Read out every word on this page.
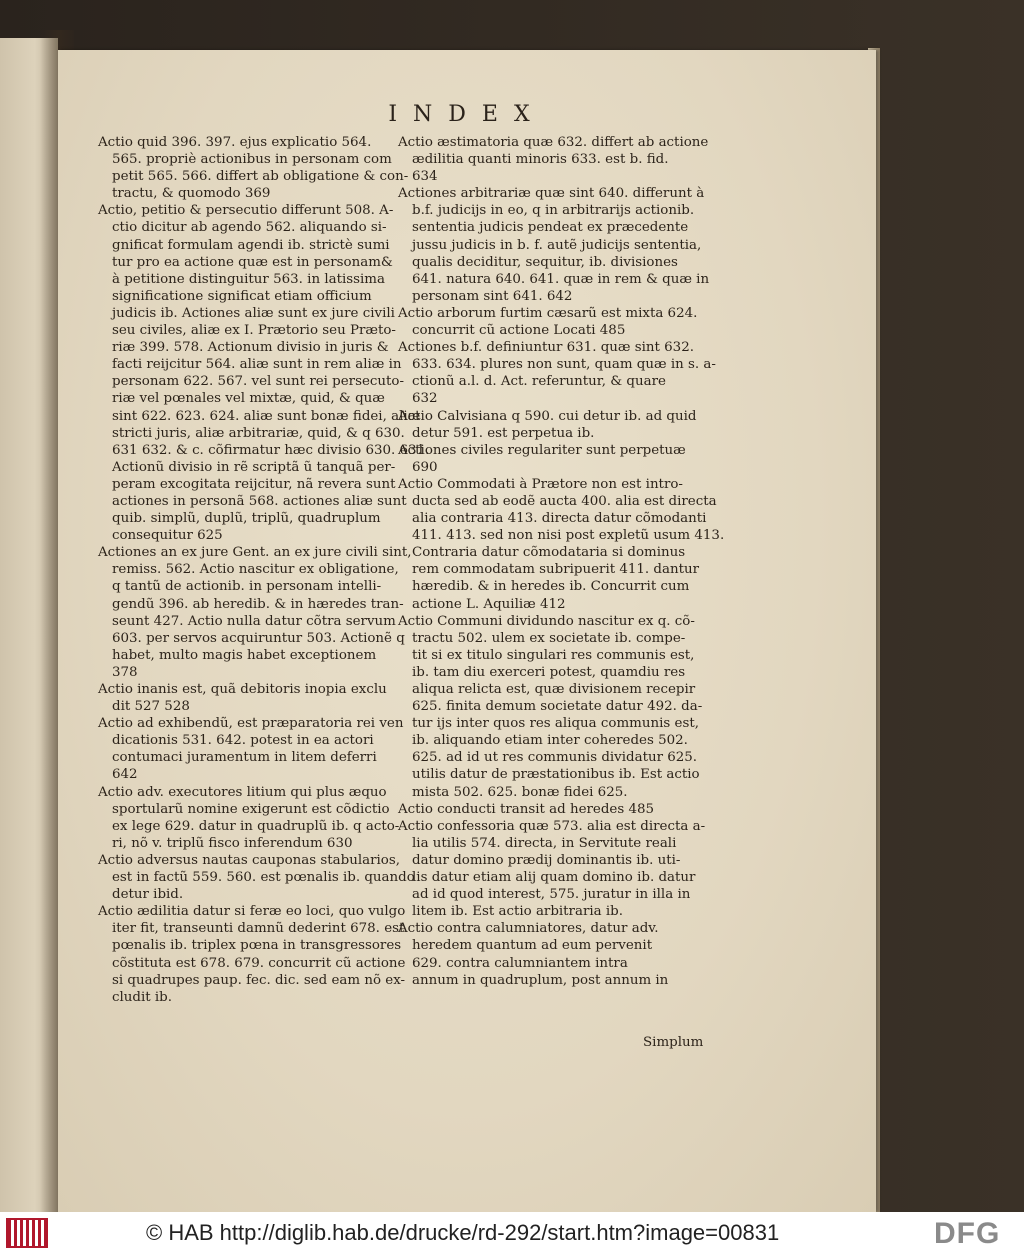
INDEX
Actio quid 396. 397. ejus explicatio 564.
565. propriè actionibus in personam com
petit 565. 566. differt ab obligatione & con-
tractu, & quomodo 369
Actio, petitio & persecutio differunt 508. A-
ctio dicitur ab agendo 562. aliquando si-
gnificat formulam agendi ib. strictè sumi
tur pro ea actione quæ est in personam&
à petitione distinguitur 563. in latissima
significatione significat etiam officium
judicis ib. Actiones aliæ sunt ex jure civili
seu civiles, aliæ ex I. Prætorio seu Præto-
riæ 399. 578. Actionum divisio in juris &
facti reijcitur 564. aliæ sunt in rem aliæ in
personam 622. 567. vel sunt rei persecuto-
riæ vel pœnales vel mixtæ, quid, & quæ
sint 622. 623. 624. aliæ sunt bonæ fidei, aliæ
stricti juris, aliæ arbitrariæ, quid, & q 630.
631 632. & c. cõfirmatur hæc divisio 630. 631.
Actionũ divisio in rẽ scriptã ũ tanquã per-
peram excogitata reijcitur, nã revera sunt
actiones in personã 568. actiones aliæ sunt
quib. simplũ, duplũ, triplũ, quadruplum
consequitur 625
Actiones an ex jure Gent. an ex jure civili sint,
remiss. 562. Actio nascitur ex obligatione,
q tantũ de actionib. in personam intelli-
gendũ 396. ab heredib. & in hæredes tran-
seunt 427. Actio nulla datur cõtra servum
603. per servos acquiruntur 503. Actionẽ q
habet, multo magis habet exceptionem
378
Actio inanis est, quã debitoris inopia exclu
dit 527 528
Actio ad exhibendũ, est præparatoria rei ven
dicationis 531. 642. potest in ea actori
contumaci juramentum in litem deferri
642
Actio adv. executores litium qui plus æquo
sportularũ nomine exigerunt est cõdictio
ex lege 629. datur in quadruplũ ib. q acto-
ri, nõ v. triplũ fisco inferendum 630
Actio adversus nautas cauponas stabularios,
est in factũ 559. 560. est pœnalis ib. quando
detur ibid.
Actio ædilitia datur si feræ eo loci, quo vulgo
iter fit, transeunti damnũ dederint 678. est
pœnalis ib. triplex pœna in transgressores
cõstituta est 678. 679. concurrit cũ actione
si quadrupes paup. fec. dic. sed eam nõ ex-
cludit ib.
Actio æstimatoria quæ 632. differt ab actione
ædilitia quanti minoris 633. est b. fid.
634
Actiones arbitrariæ quæ sint 640. differunt à
b.f. judicijs in eo, q in arbitrarijs actionib.
sententia judicis pendeat ex præcedente
jussu judicis in b. f. autẽ judicijs sententia,
qualis deciditur, sequitur, ib. divisiones
641. natura 640. 641. quæ in rem & quæ in
personam sint 641. 642
Actio arborum furtim cæsarũ est mixta 624.
concurrit cũ actione Locati 485
Actiones b.f. definiuntur 631. quæ sint 632.
633. 634. plures non sunt, quam quæ in s. a-
ctionũ a.l. d. Act. referuntur, & quare
632
Actio Calvisiana q 590. cui detur ib. ad quid
detur 591. est perpetua ib.
Actiones civiles regulariter sunt perpetuæ
690
Actio Commodati à Prætore non est intro-
ducta sed ab eodẽ aucta 400. alia est directa
alia contraria 413. directa datur cõmodanti
411. 413. sed non nisi post expletũ usum 413.
Contraria datur cõmodataria si dominus
rem commodatam subripuerit 411. dantur
hæredib. & in heredes ib. Concurrit cum
actione L. Aquiliæ 412
Actio Communi dividundo nascitur ex q. cõ-
tractu 502. ulem ex societate ib. compe-
tit si ex titulo singulari res communis est,
ib. tam diu exerceri potest, quamdiu res
aliqua relicta est, quæ divisionem recepir
625. finita demum societate datur 492. da-
tur ijs inter quos res aliqua communis est,
ib. aliquando etiam inter coheredes 502.
625. ad id ut res communis dividatur 625.
utilis datur de præstationibus ib. Est actio
mista 502. 625. bonæ fidei 625.
Actio conducti transit ad heredes 485
Actio confessoria quæ 573. alia est directa a-
lia utilis 574. directa, in Servitute reali
datur domino prædij dominantis ib. uti-
lis datur etiam alij quam domino ib. datur
ad id quod interest, 575. juratur in illa in
litem ib. Est actio arbitraria ib.
Actio contra calumniatores, datur adv.
heredem quantum ad eum pervenit
629. contra calumniantem intra
annum in quadruplum, post annum in
Simplum
© HAB http://diglib.hab.de/drucke/rd-292/start.htm?image=00831	DFG
